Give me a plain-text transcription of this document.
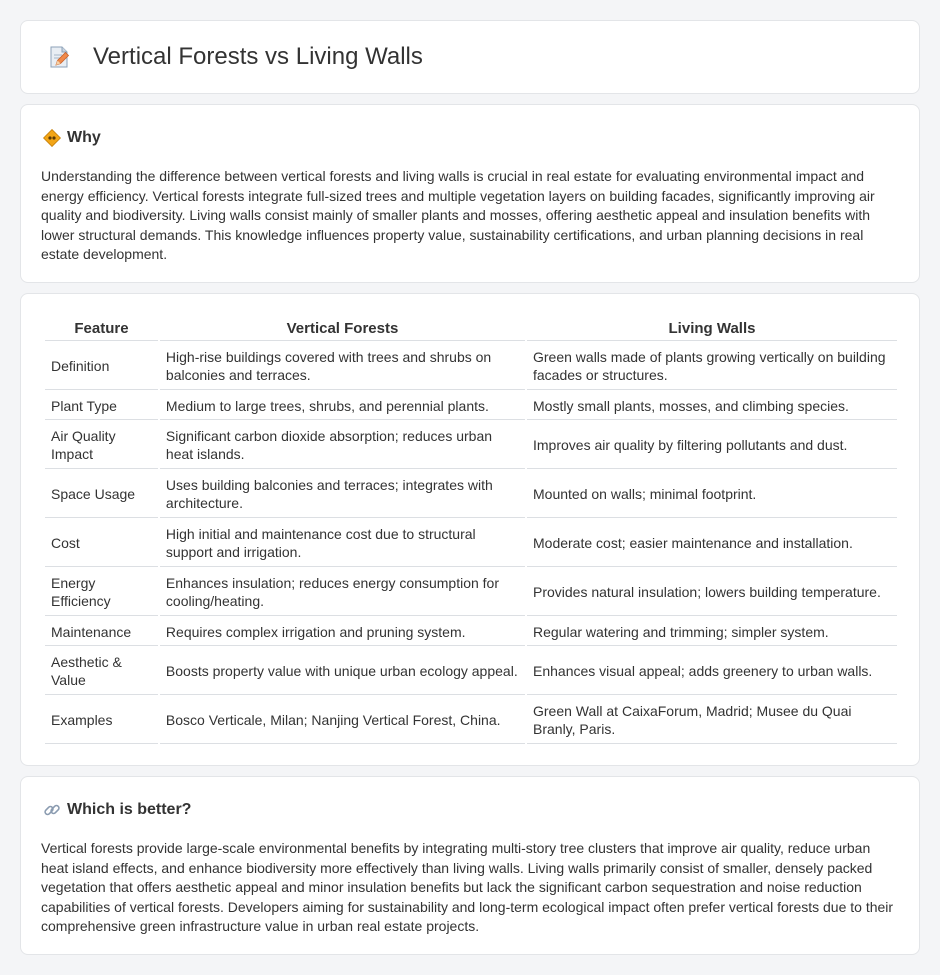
Vertical Forests vs Living Walls
Why

Understanding the difference between vertical forests and living walls is crucial in real estate for evaluating environmental impact and energy efficiency. Vertical forests integrate full-sized trees and multiple vegetation layers on building facades, significantly improving air quality and biodiversity. Living walls consist mainly of smaller plants and mosses, offering aesthetic appeal and insulation benefits with lower structural demands. This knowledge influences property value, sustainability certifications, and urban planning decisions in real estate development.

Feature	Vertical Forests	Living Walls
Definition	High-rise buildings covered with trees and shrubs on balconies and terraces.	Green walls made of plants growing vertically on building facades or structures.
Plant Type	Medium to large trees, shrubs, and perennial plants.	Mostly small plants, mosses, and climbing species.
Air Quality Impact	Significant carbon dioxide absorption; reduces urban heat islands.	Improves air quality by filtering pollutants and dust.
Space Usage	Uses building balconies and terraces; integrates with architecture.	Mounted on walls; minimal footprint.
Cost	High initial and maintenance cost due to structural support and irrigation.	Moderate cost; easier maintenance and installation.
Energy Efficiency	Enhances insulation; reduces energy consumption for cooling/heating.	Provides natural insulation; lowers building temperature.
Maintenance	Requires complex irrigation and pruning system.	Regular watering and trimming; simpler system.
Aesthetic & Value	Boosts property value with unique urban ecology appeal.	Enhances visual appeal; adds greenery to urban walls.
Examples	Bosco Verticale, Milan; Nanjing Vertical Forest, China.	Green Wall at CaixaForum, Madrid; Musee du Quai Branly, Paris.
Which is better?

Vertical forests provide large-scale environmental benefits by integrating multi-story tree clusters that improve air quality, reduce urban heat island effects, and enhance biodiversity more effectively than living walls. Living walls primarily consist of smaller, densely packed vegetation that offers aesthetic appeal and minor insulation benefits but lack the significant carbon sequestration and noise reduction capabilities of vertical forests. Developers aiming for sustainability and long-term ecological impact often prefer vertical forests due to their comprehensive green infrastructure value in urban real estate projects.
